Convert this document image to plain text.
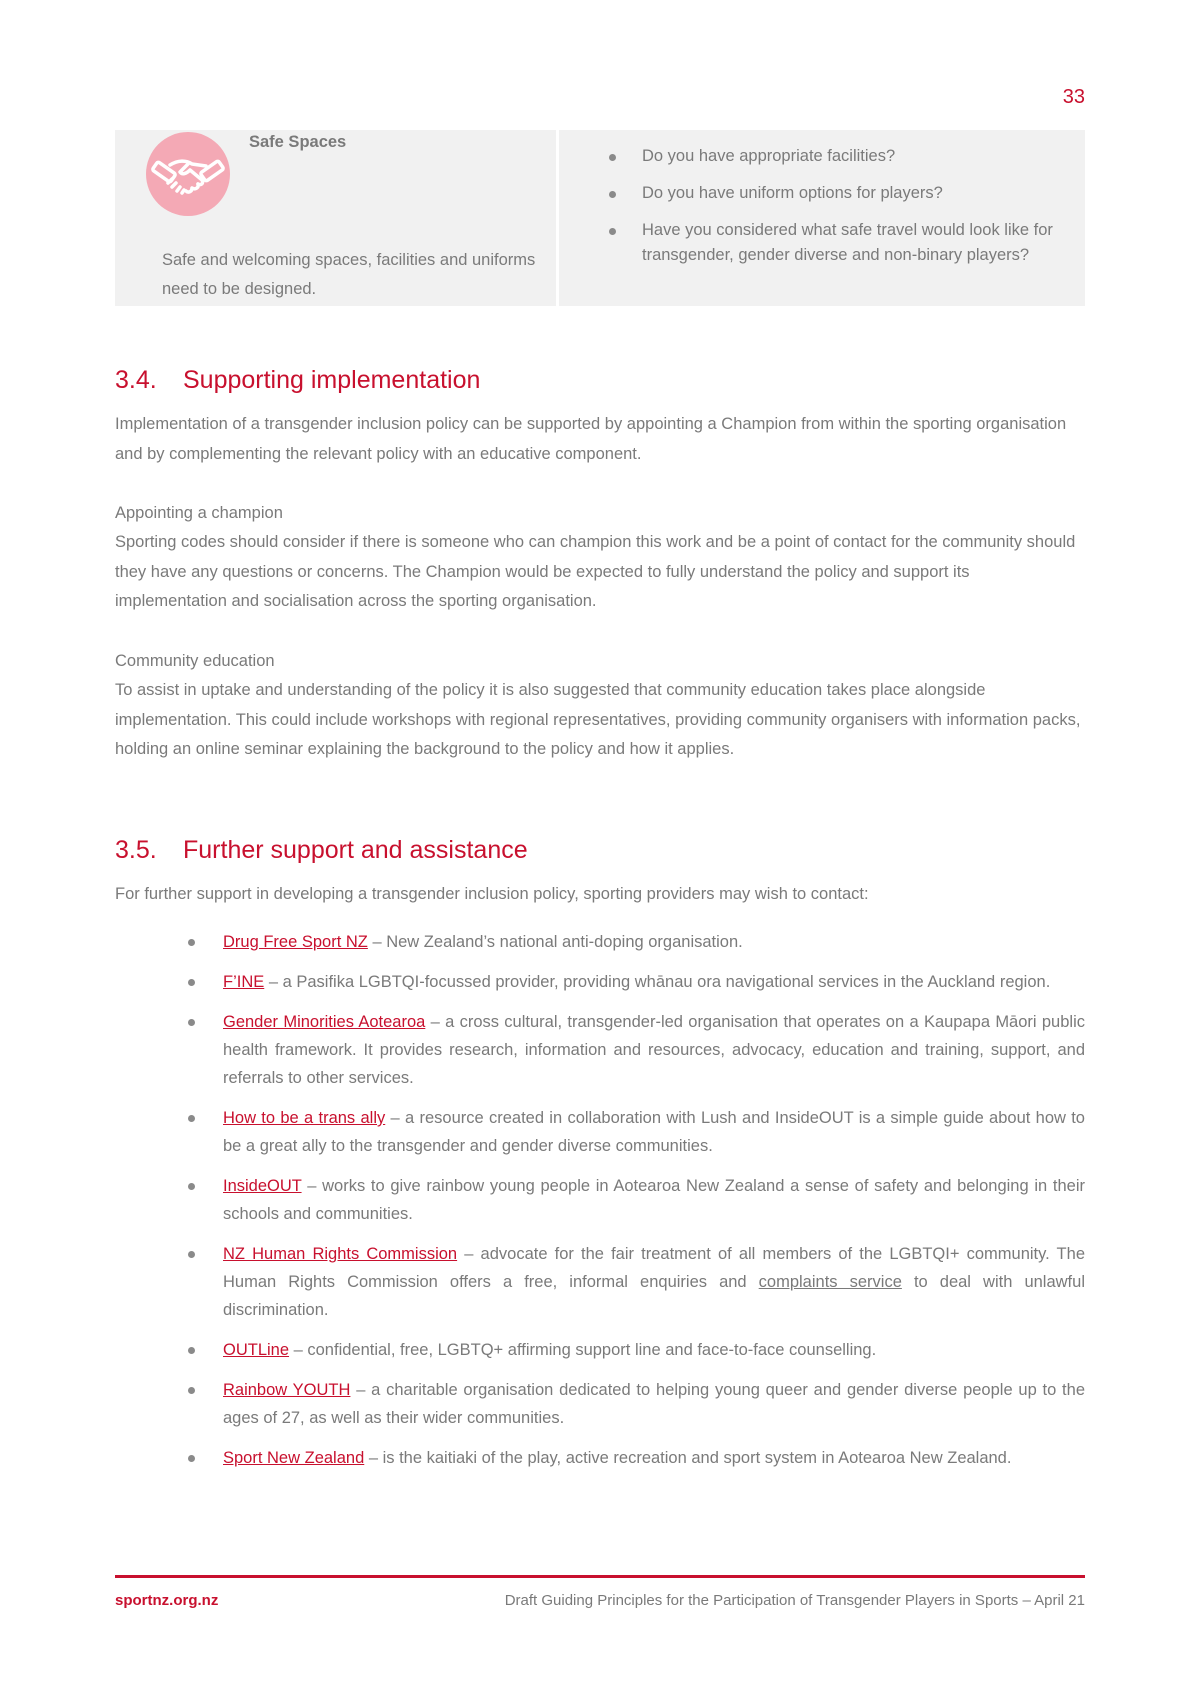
33
Safe Spaces
Safe and welcoming spaces, facilities and uniforms need to be designed.
Do you have appropriate facilities?
Do you have uniform options for players?
Have you considered what safe travel would look like for transgender, gender diverse and non-binary players?
3.4. Supporting implementation

Implementation of a transgender inclusion policy can be supported by appointing a Champion from within the sporting organisation and by complementing the relevant policy with an educative component.

Appointing a champion

Sporting codes should consider if there is someone who can champion this work and be a point of contact for the community should they have any questions or concerns. The Champion would be expected to fully understand the policy and support its implementation and socialisation across the sporting organisation.

Community education

To assist in uptake and understanding of the policy it is also suggested that community education takes place alongside implementation. This could include workshops with regional representatives, providing community organisers with information packs, holding an online seminar explaining the background to the policy and how it applies.

3.5. Further support and assistance

For further support in developing a transgender inclusion policy, sporting providers may wish to contact:

Drug Free Sport NZ – New Zealand’s national anti-doping organisation.
F’INE – a Pasifika LGBTQI-focussed provider, providing whānau ora navigational services in the Auckland region.
Gender Minorities Aotearoa – a cross cultural, transgender-led organisation that operates on a Kaupapa Māori public health framework. It provides research, information and resources, advocacy, education and training, support, and referrals to other services.
How to be a trans ally – a resource created in collaboration with Lush and InsideOUT is a simple guide about how to be a great ally to the transgender and gender diverse communities.
InsideOUT – works to give rainbow young people in Aotearoa New Zealand a sense of safety and belonging in their schools and communities.
NZ Human Rights Commission – advocate for the fair treatment of all members of the LGBTQI+ community. The Human Rights Commission offers a free, informal enquiries and complaints service to deal with unlawful discrimination.
OUTLine – confidential, free, LGBTQ+ affirming support line and face-to-face counselling.
Rainbow YOUTH – a charitable organisation dedicated to helping young queer and gender diverse people up to the ages of 27, as well as their wider communities.
Sport New Zealand – is the kaitiaki of the play, active recreation and sport system in Aotearoa New Zealand.
sportnz.org.nz	Draft Guiding Principles for the Participation of Transgender Players in Sports – April 21
